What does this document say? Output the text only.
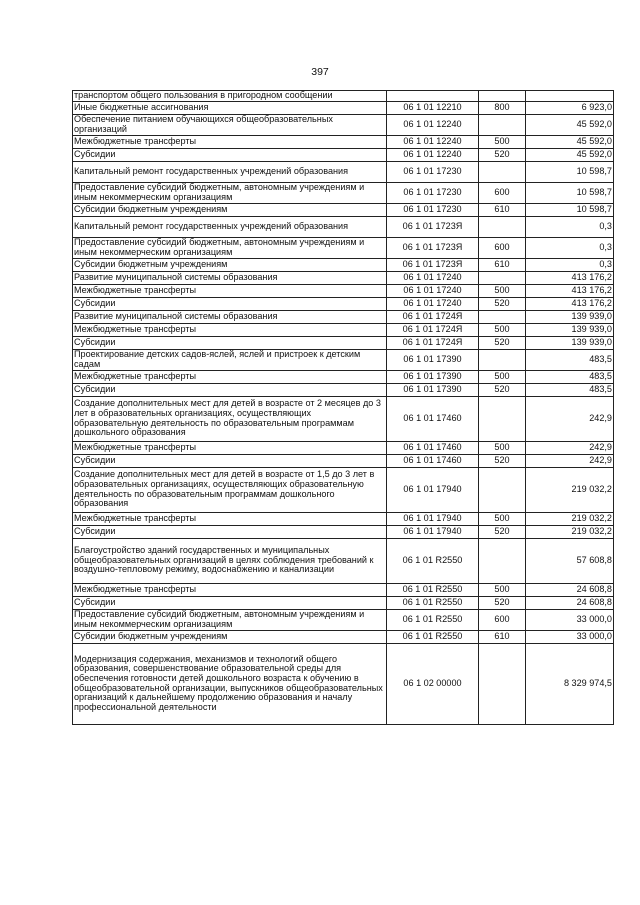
397
транспортом общего пользования в пригородном сообщении			
Иные бюджетные ассигнования	06 1 01 12210	800	6 923,0
Обеспечение питанием обучающихся общеобразовательных организаций	06 1 01 12240		45 592,0
Межбюджетные трансферты	06 1 01 12240	500	45 592,0
Субсидии	06 1 01 12240	520	45 592,0
Капитальный ремонт государственных учреждений образования	06 1 01 17230		10 598,7
Предоставление субсидий бюджетным, автономным учреждениям и иным некоммерческим организациям	06 1 01 17230	600	10 598,7
Субсидии бюджетным учреждениям	06 1 01 17230	610	10 598,7
Капитальный ремонт государственных учреждений образования	06 1 01 1723Я		0,3
Предоставление субсидий бюджетным, автономным учреждениям и иным некоммерческим организациям	06 1 01 1723Я	600	0,3
Субсидии бюджетным учреждениям	06 1 01 1723Я	610	0,3
Развитие муниципальной системы образования	06 1 01 17240		413 176,2
Межбюджетные трансферты	06 1 01 17240	500	413 176,2
Субсидии	06 1 01 17240	520	413 176,2
Развитие муниципальной системы образования	06 1 01 1724Я		139 939,0
Межбюджетные трансферты	06 1 01 1724Я	500	139 939,0
Субсидии	06 1 01 1724Я	520	139 939,0
Проектирование детских садов-яслей, яслей и пристроек к детским садам	06 1 01 17390		483,5
Межбюджетные трансферты	06 1 01 17390	500	483,5
Субсидии	06 1 01 17390	520	483,5
Создание дополнительных мест для детей в возрасте от 2 месяцев до 3 лет в образовательных организациях, осуществляющих образовательную деятельность по образовательным программам дошкольного образования	06 1 01 17460		242,9
Межбюджетные трансферты	06 1 01 17460	500	242,9
Субсидии	06 1 01 17460	520	242,9
Создание дополнительных мест для детей в возрасте от 1,5 до 3 лет в образовательных организациях, осуществляющих образовательную деятельность по образовательным программам дошкольного образования	06 1 01 17940		219 032,2
Межбюджетные трансферты	06 1 01 17940	500	219 032,2
Субсидии	06 1 01 17940	520	219 032,2
Благоустройство зданий государственных и муниципальных общеобразовательных организаций в целях соблюдения требований к воздушно-тепловому режиму, водоснабжению и канализации	06 1 01 R2550		57 608,8
Межбюджетные трансферты	06 1 01 R2550	500	24 608,8
Субсидии	06 1 01 R2550	520	24 608,8
Предоставление субсидий бюджетным, автономным учреждениям и иным некоммерческим организациям	06 1 01 R2550	600	33 000,0
Субсидии бюджетным учреждениям	06 1 01 R2550	610	33 000,0
Модернизация содержания, механизмов и технологий общего образования, совершенствование образовательной среды для обеспечения готовности детей дошкольного возраста к обучению в общеобразовательной организации, выпускников общеобразовательных организаций к дальнейшему продолжению образования и началу профессиональной деятельности	06 1 02 00000		8 329 974,5
